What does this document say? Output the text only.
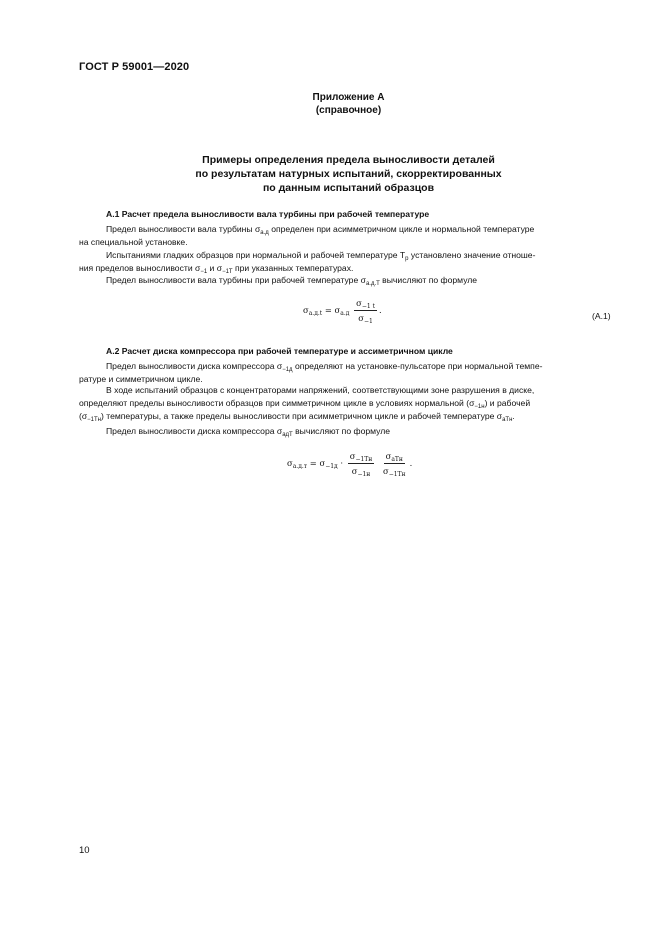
ГОСТ Р 59001—2020
Приложение А
(справочное)
Примеры определения предела выносливости деталей
по результатам натурных испытаний, скорректированных
по данным испытаний образцов
А.1 Расчет предела выносливости вала турбины при рабочей температуре
Предел выносливости вала турбины $\sigma_{а.д}$ определен при асимметричном цикле и нормальной температуре
на специальной установке.
Испытаниями гладких образцов при нормальной и рабочей температуре $T_р$ установлено значение отноше-
ния пределов выносливости $\sigma_{-1}$ и $\sigma_{-1T}$ при указанных температурах.
Предел выносливости вала турбины при рабочей температуре $\sigma_{а.д.T}$ вычисляют по формуле
$\sigma_{а.д.t} = \sigma_{а.д} \frac{\sigma_{-1 t}}{\sigma_{-1}}$ .
(А.1)
А.2 Расчет диска компрессора при рабочей температуре и ассиметричном цикле
Предел выносливости диска компрессора $\sigma_{-1д}$ определяют на установке-пульсаторе при нормальной темпе-
ратуре и симметричном цикле.
В ходе испытаний образцов с концентраторами напряжений, соответствующими зоне разрушения в диске,
определяют пределы выносливости образцов при симметричном цикле в условиях нормальной $(\sigma_{-1н})$ и рабочей
$(\sigma_{-1Tн})$ температуры, а также пределы выносливости при асимметричном цикле и рабочей температуре $\sigma_{аTн}$.
Предел выносливости диска компрессора $\sigma_{адT}$ вычисляют по формуле
$\sigma_{а.д.т} = \sigma_{-1д} \cdot \frac{\sigma_{-1Tн}}{\sigma_{-1н}}$
$\frac{\sigma_{аTн}}{\sigma_{-1Tн}}$ .
10
